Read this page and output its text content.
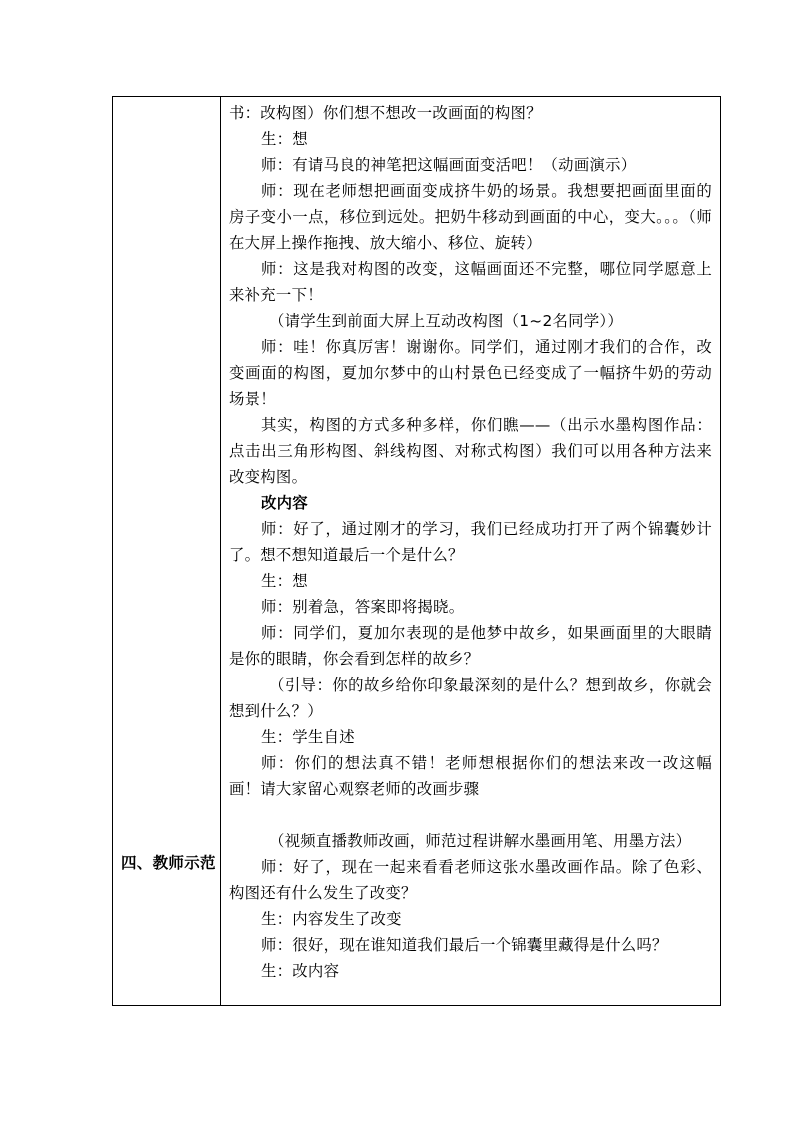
四、教师示范

书：改构图）你们想不想改一改画面的构图？

生：想

师：有请马良的神笔把这幅画面变活吧！（动画演示）

师：现在老师想把画面变成挤牛奶的场景。我想要把画面里面的房子变小一点，移位到远处。把奶牛移动到画面的中心，变大。。。（师在大屏上操作拖拽、放大缩小、移位、旋转）

师：这是我对构图的改变，这幅画面还不完整，哪位同学愿意上来补充一下！

（请学生到前面大屏上互动改构图（1~2名同学））

师：哇！你真厉害！谢谢你。同学们，通过刚才我们的合作，改变画面的构图，夏加尔梦中的山村景色已经变成了一幅挤牛奶的劳动场景！

其实，构图的方式多种多样，你们瞧——（出示水墨构图作品：点击出三角形构图、斜线构图、对称式构图）我们可以用各种方法来改变构图。

改内容

师：好了，通过刚才的学习，我们已经成功打开了两个锦囊妙计了。想不想知道最后一个是什么？

生：想

师：别着急，答案即将揭晓。

师：同学们，夏加尔表现的是他梦中故乡，如果画面里的大眼睛是你的眼睛，你会看到怎样的故乡？

（引导：你的故乡给你印象最深刻的是什么？想到故乡，你就会想到什么？）

生：学生自述

师：你们的想法真不错！老师想根据你们的想法来改一改这幅画！请大家留心观察老师的改画步骤

（视频直播教师改画，师范过程讲解水墨画用笔、用墨方法）

师：好了，现在一起来看看老师这张水墨改画作品。除了色彩、构图还有什么发生了改变？

生：内容发生了改变

师：很好，现在谁知道我们最后一个锦囊里藏得是什么吗？

生：改内容
